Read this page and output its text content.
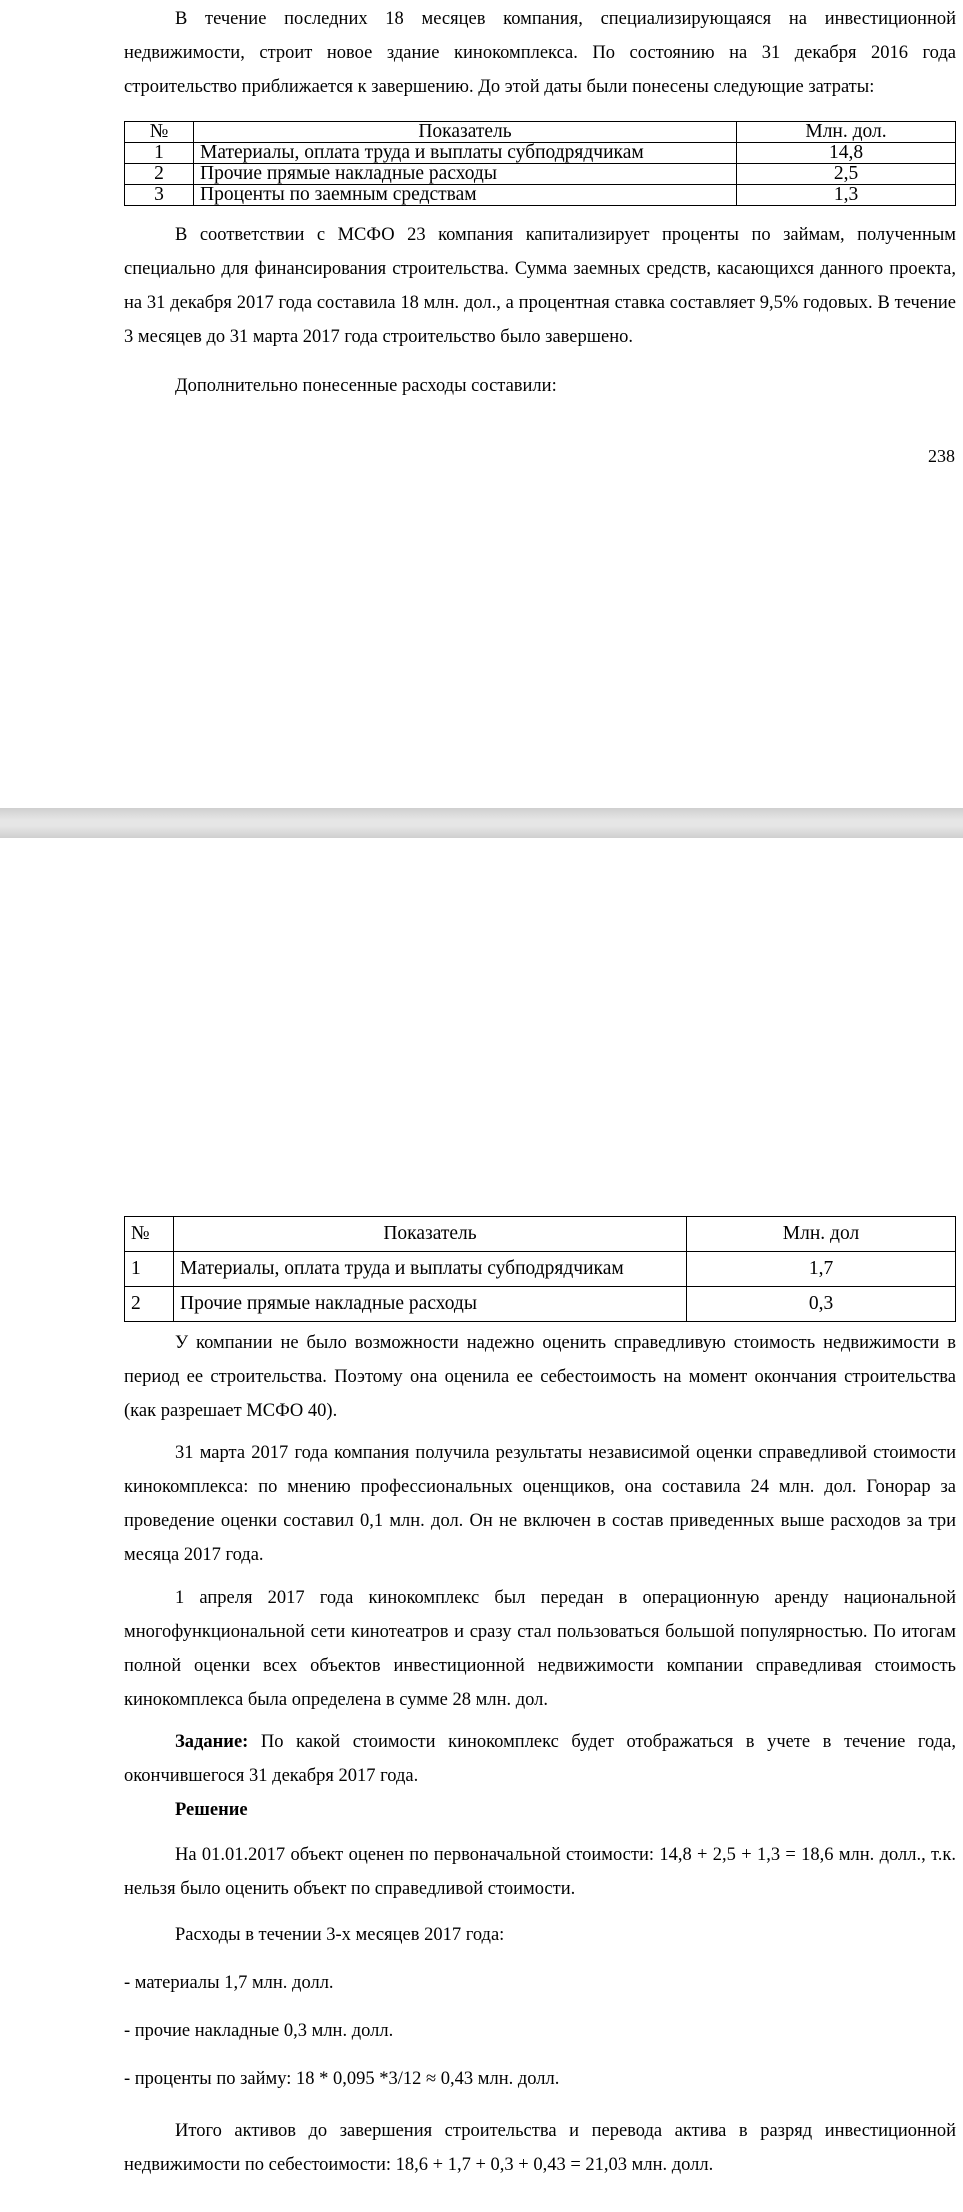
В течение последних 18 месяцев компания, специализирующаяся на инвестиционной недвижимости, строит новое здание кинокомплекса. По состоянию на 31 декабря 2016 года строительство приближается к завершению. До этой даты были понесены следующие затраты:

№	Показатель	Млн. дол.
1	Материалы, оплата труда и выплаты субподрядчикам	14,8
2	Прочие прямые накладные расходы	2,5
3	Проценты по заемным средствам	1,3

В соответствии с МСФО 23 компания капитализирует проценты по займам, полученным специально для финансирования строительства. Сумма заемных средств, касающихся данного проекта, на 31 декабря 2017 года составила 18 млн. дол., а процентная ставка составляет 9,5% годовых. В течение 3 месяцев до 31 марта 2017 года строительство было завершено.

Дополнительно понесенные расходы составили:

238
№	Показатель	Млн. дол
1	Материалы, оплата труда и выплаты субподрядчикам	1,7
2	Прочие прямые накладные расходы	0,3

У компании не было возможности надежно оценить справедливую стоимость недвижимости в период ее строительства. Поэтому она оценила ее себестоимость на момент окончания строительства (как разрешает МСФО 40).

31 марта 2017 года компания получила результаты независимой оценки справедливой стоимости кинокомплекса: по мнению профессиональных оценщиков, она составила 24 млн. дол. Гонорар за проведение оценки составил 0,1 млн. дол. Он не включен в состав приведенных выше расходов за три месяца 2017 года.

1 апреля 2017 года кинокомплекс был передан в операционную аренду национальной многофункциональной сети кинотеатров и сразу стал пользоваться большой популярностью. По итогам полной оценки всех объектов инвестиционной недвижимости компании справедливая стоимость кинокомплекса была определена в сумме 28 млн. дол.

Задание: По какой стоимости кинокомплекс будет отображаться в учете в течение года, окончившегося 31 декабря 2017 года.

Решение

На 01.01.2017 объект оценен по первоначальной стоимости: 14,8 + 2,5 + 1,3 = 18,6 млн. долл., т.к. нельзя было оценить объект по справедливой стоимости.

Расходы в течении 3-х месяцев 2017 года:

- материалы 1,7 млн. долл.

- прочие накладные 0,3 млн. долл.

- проценты по займу: 18 * 0,095 *3/12 ≈ 0,43 млн. долл.

Итого активов до завершения строительства и перевода актива в разряд инвестиционной недвижимости по себестоимости: 18,6 + 1,7 + 0,3 + 0,43 = 21,03 млн. долл.
